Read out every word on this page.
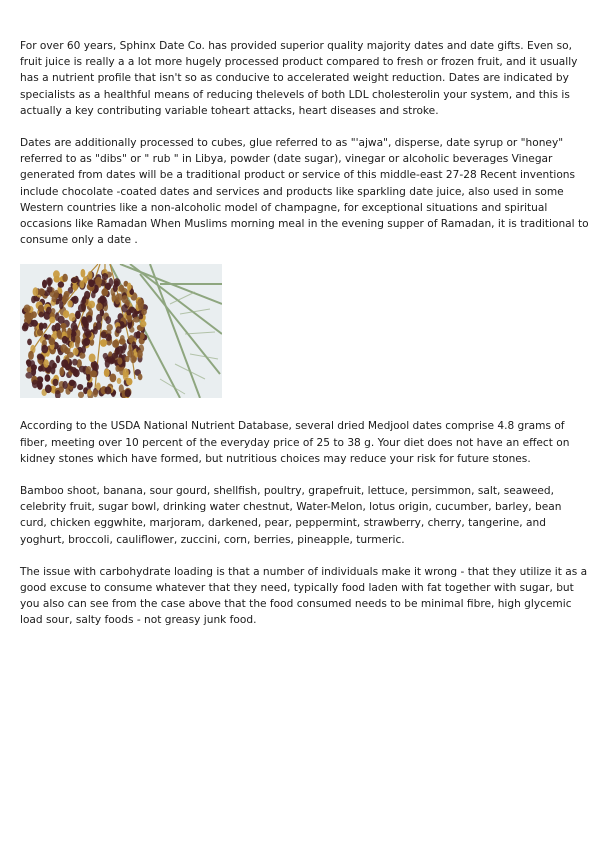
For over 60 years, Sphinx Date Co. has provided superior quality majority dates and date gifts. Even so, fruit juice is really a a lot more hugely processed product compared to fresh or frozen fruit, and it usually has a nutrient profile that isn't so as conducive to accelerated weight reduction. Dates are indicated by specialists as a healthful means of reducing thelevels of both LDL cholesterolin your system, and this is actually a key contributing variable toheart attacks, heart diseases and stroke.

Dates are additionally processed to cubes, glue referred to as "'ajwa", disperse, date syrup or "honey" referred to as "dibs" or " rub " in Libya, powder (date sugar), vinegar or alcoholic beverages Vinegar generated from dates will be a traditional product or service of this middle-east 27-28 Recent inventions include chocolate -coated dates and services and products like sparkling date juice, also used in some Western countries like a non-alcoholic model of champagne, for exceptional situations and spiritual occasions like Ramadan When Muslims morning meal in the evening supper of Ramadan, it is traditional to consume only a date .

According to the USDA National Nutrient Database, several dried Medjool dates comprise 4.8 grams of fiber, meeting over 10 percent of the everyday price of 25 to 38 g. Your diet does not have an effect on kidney stones which have formed, but nutritious choices may reduce your risk for future stones.

Bamboo shoot, banana, sour gourd, shellfish, poultry, grapefruit, lettuce, persimmon, salt, seaweed, celebrity fruit, sugar bowl, drinking water chestnut, Water-Melon, lotus origin, cucumber, barley, bean curd, chicken eggwhite, marjoram, darkened, pear, peppermint, strawberry, cherry, tangerine, and yoghurt, broccoli, cauliflower, zuccini, corn, berries, pineapple, turmeric.

The issue with carbohydrate loading is that a number of individuals make it wrong - that they utilize it as a good excuse to consume whatever that they need, typically food laden with fat together with sugar, but you also can see from the case above that the food consumed needs to be minimal fibre, high glycemic load sour, salty foods - not greasy junk food.
